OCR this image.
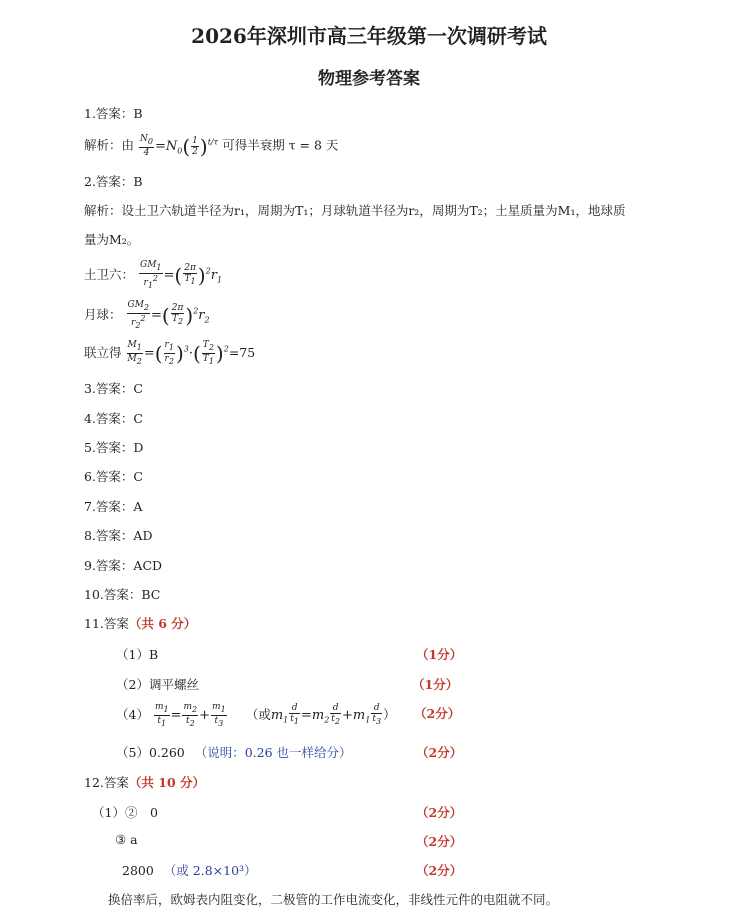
2026年深圳市高三年级第一次调研考试
物理参考答案
1.答案：B
解析：由 $\frac{N_0}{4} =N_0( \frac{1}{2} )^{t/\tau}$ 可得半衰期 τ = 8 天
2.答案：B
解析：设土卫六轨道半径为r₁，周期为T₁；月球轨道半径为r₂，周期为T₂；土星质量为M₁，地球质
量为M₂。
土卫六： $\frac{GM_1}{r_1^2}$ =( $\frac{2\pi}{T_1} )^2r_1$
月球： $\frac{GM_2}{r_2^2}$ =( $\frac{2\pi}{T_2} )^2r_2$
联立得 $\frac{M_1}{M_2}$ =( $\frac{r_1}{r_2} )^3\cdot( \frac{T_2}{T_1} )^2=75$
3.答案：C
4.答案：C
5.答案：D
6.答案：C
7.答案：A
8.答案：AD
9.答案：ACD
10.答案：BC
11.答案（共 6 分）
（1）B	（1分）
（2）调平螺丝	（1分）
$(4) \frac{m_1}{t_1} = \frac{m_2}{t_2} + \frac{m_1}{t_3}$ （或$m_1 \frac{d}{t_1} =m_2 \frac{d}{t_2} +m_1 \frac{d}{t_3}$ ） （2分）
（5）0.260 （说明：0.26 也一样给分）	（2分）
12.答案（共 10 分）
（1）②　0	（2分）
③ a	（2分）
2800 （或 2.8×10³）	（2分）
换倍率后，欧姆表内阻变化，二极管的工作电流变化，非线性元件的电阻就不同。
